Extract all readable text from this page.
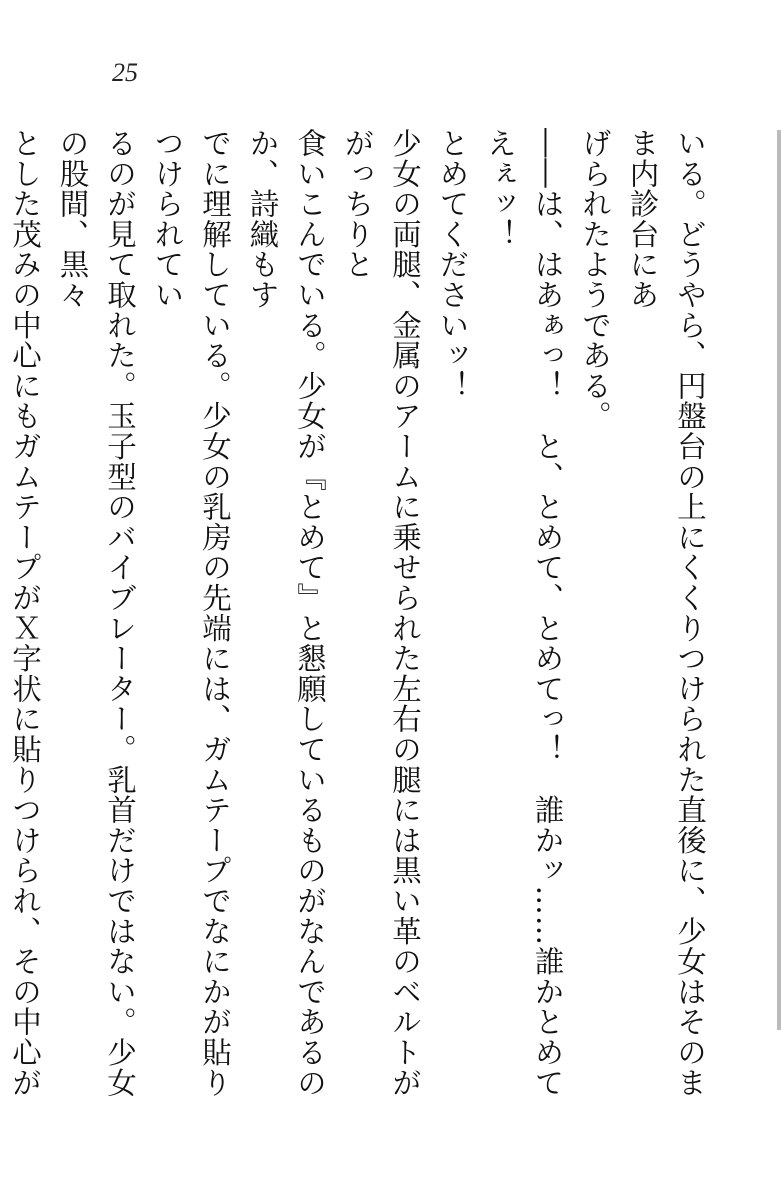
25

いる。どうやら、円盤台の上にくくりつけられた直後に、少女はそのまま内診台にあ

げられたようである。

――は、はあぁっ！　と、とめて、とめてっ！　誰かッ……誰かとめてえぇッ！

とめてくださいッ！

少女の両腿、金属のアームに乗せられた左右の腿には黒い革のベルトががっちりと

食いこんでいる。少女が『とめて』と懇願しているものがなんであるのか、詩織もす

でに理解している。少女の乳房の先端には、ガムテープでなにかが貼りつけられてい

るのが見て取れた。玉子型のバイブレーター。乳首だけではない。少女の股間、黒々

とした茂みの中心にもガムテープがＸ字状に貼りつけられ、その中心が
